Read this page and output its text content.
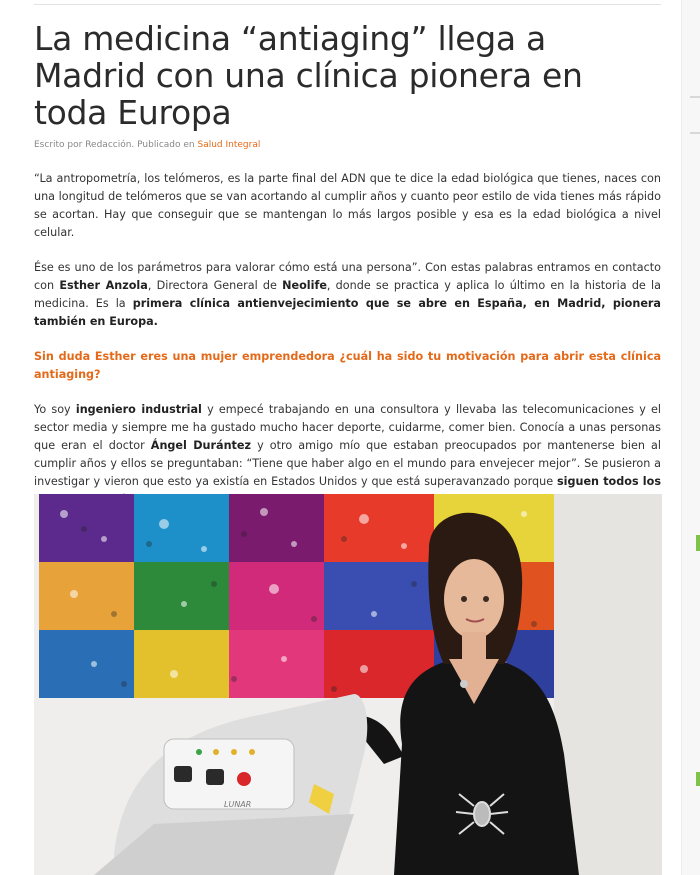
La medicina “antiaging” llega a Madrid con una clínica pionera en toda Europa
Escrito por Redacción. Publicado en Salud Integral

“La antropometría, los telómeros, es la parte final del ADN que te dice la edad biológica que tienes, naces con una longitud de telómeros que se van acortando al cumplir años y cuanto peor estilo de vida tienes más rápido se acortan. Hay que conseguir que se mantengan lo más largos posible y esa es la edad biológica a nivel celular.

Ése es uno de los parámetros para valorar cómo está una persona”. Con estas palabras entramos en contacto con Esther Anzola, Directora General de Neolife, donde se practica y aplica lo último en la historia de la medicina. Es la primera clínica antienvejecimiento que se abre en España, en Madrid, pionera también en Europa.

Sin duda Esther eres una mujer emprendedora ¿cuál ha sido tu motivación para abrir esta clínica antiaging?

Yo soy ingeniero industrial y empecé trabajando en una consultora y llevaba las telecomunicaciones y el sector media y siempre me ha gustado mucho hacer deporte, cuidarme, comer bien. Conocía a unas personas que eran el doctor Ángel Durántez y otro amigo mío que estaban preocupados por mantenerse bien al cumplir años y ellos se preguntaban: “Tiene que haber algo en el mundo para envejecer mejor”. Se pusieron a investigar y vieron que esto ya existía en Estados Unidos y que está superavanzado porque siguen todos los

LUNAR
